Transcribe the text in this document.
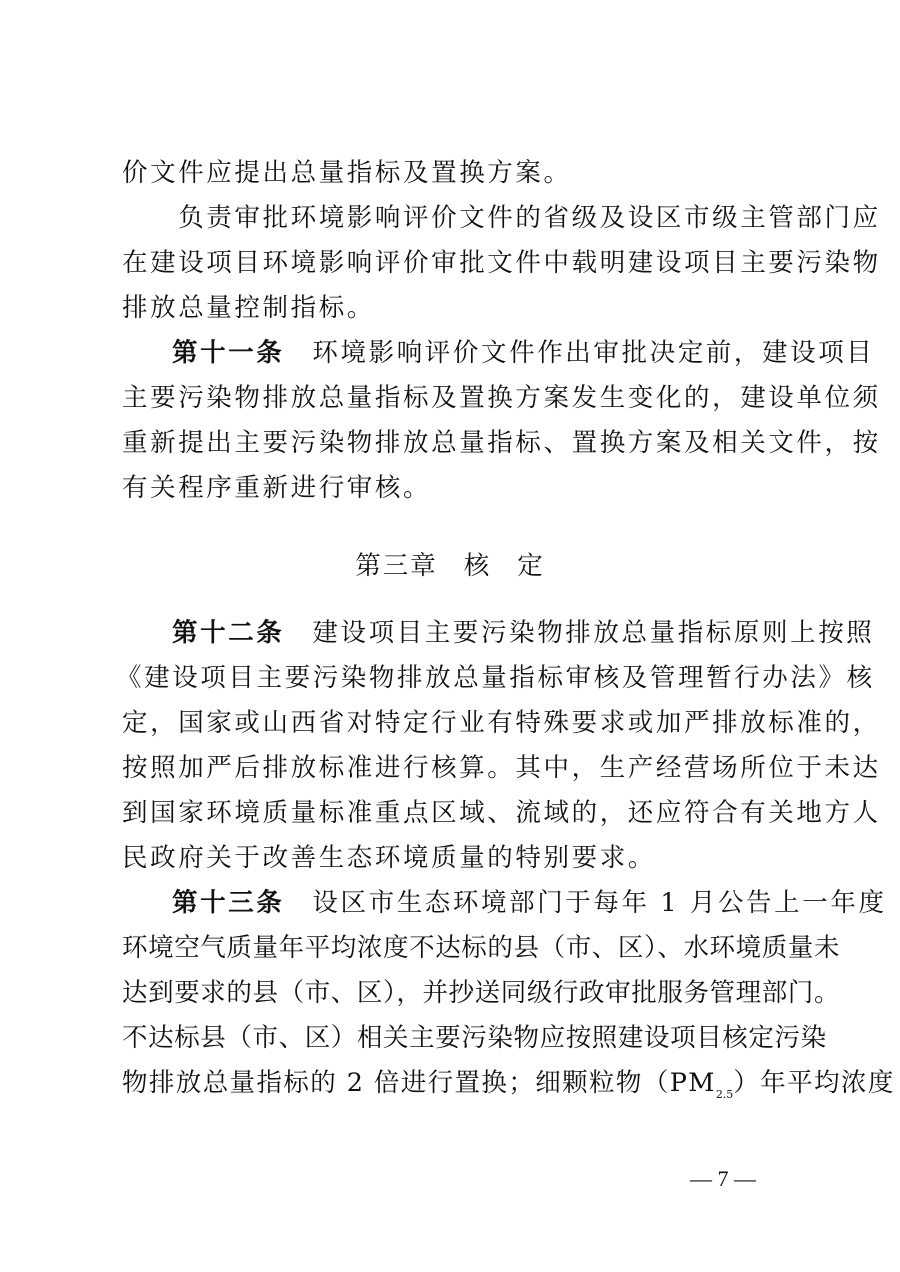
价文件应提出总量指标及置换方案。
　　负责审批环境影响评价文件的省级及设区市级主管部门应
在建设项目环境影响评价审批文件中载明建设项目主要污染物
排放总量控制指标。
第十一条 环境影响评价文件作出审批决定前，建设项目
主要污染物排放总量指标及置换方案发生变化的，建设单位须
重新提出主要污染物排放总量指标、置换方案及相关文件，按
有关程序重新进行审核。
第三章 核 定
第十二条 建设项目主要污染物排放总量指标原则上按照
《建设项目主要污染物排放总量指标审核及管理暂行办法》核
定，国家或山西省对特定行业有特殊要求或加严排放标准的，
按照加严后排放标准进行核算。其中，生产经营场所位于未达
到国家环境质量标准重点区域、流域的，还应符合有关地方人
民政府关于改善生态环境质量的特别要求。
第十三条 设区市生态环境部门于每年 1 月公告上一年度
环境空气质量年平均浓度不达标的县（市、区）、水环境质量未
达到要求的县（市、区），并抄送同级行政审批服务管理部门。
不达标县（市、区）相关主要污染物应按照建设项目核定污染
物排放总量指标的 2 倍进行置换；细颗粒物$(PM_{2.5})$年平均浓度
— 7 —
